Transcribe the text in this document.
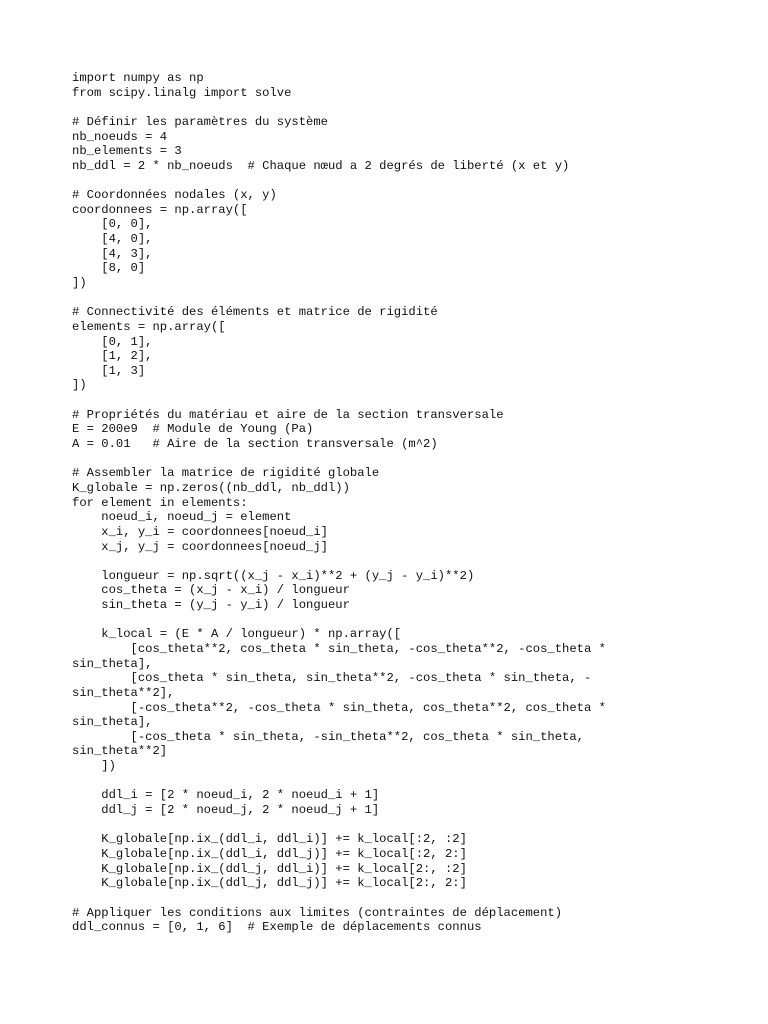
import numpy as np
from scipy.linalg import solve
# Définir les paramètres du système
nb_noeuds = 4
nb_elements = 3
nb_ddl = 2 * nb_noeuds  # Chaque nœud a 2 degrés de liberté (x et y)
# Coordonnées nodales (x, y)
coordonnees = np.array([
[0, 0],
[4, 0],
[4, 3],
[8, 0]
])
# Connectivité des éléments et matrice de rigidité
elements = np.array([
[0, 1],
[1, 2],
[1, 3]
])
# Propriétés du matériau et aire de la section transversale
E = 200e9  # Module de Young (Pa)
A = 0.01   # Aire de la section transversale (m^2)
# Assembler la matrice de rigidité globale
K_globale = np.zeros((nb_ddl, nb_ddl))
for element in elements:
noeud_i, noeud_j = element
x_i, y_i = coordonnees[noeud_i]
x_j, y_j = coordonnees[noeud_j]
longueur = np.sqrt((x_j - x_i)**2 + (y_j - y_i)**2)
cos_theta = (x_j - x_i) / longueur
sin_theta = (y_j - y_i) / longueur
k_local = (E * A / longueur) * np.array([
[cos_theta**2, cos_theta * sin_theta, -cos_theta**2, -cos_theta *
sin_theta],
[cos_theta * sin_theta, sin_theta**2, -cos_theta * sin_theta, -
sin_theta**2],
[-cos_theta**2, -cos_theta * sin_theta, cos_theta**2, cos_theta *
sin_theta],
[-cos_theta * sin_theta, -sin_theta**2, cos_theta * sin_theta,
sin_theta**2]
])
ddl_i = [2 * noeud_i, 2 * noeud_i + 1]
ddl_j = [2 * noeud_j, 2 * noeud_j + 1]
K_globale[np.ix_(ddl_i, ddl_i)] += k_local[:2, :2]
K_globale[np.ix_(ddl_i, ddl_j)] += k_local[:2, 2:]
K_globale[np.ix_(ddl_j, ddl_i)] += k_local[2:, :2]
K_globale[np.ix_(ddl_j, ddl_j)] += k_local[2:, 2:]
# Appliquer les conditions aux limites (contraintes de déplacement)
ddl_connus = [0, 1, 6]  # Exemple de déplacements connus
